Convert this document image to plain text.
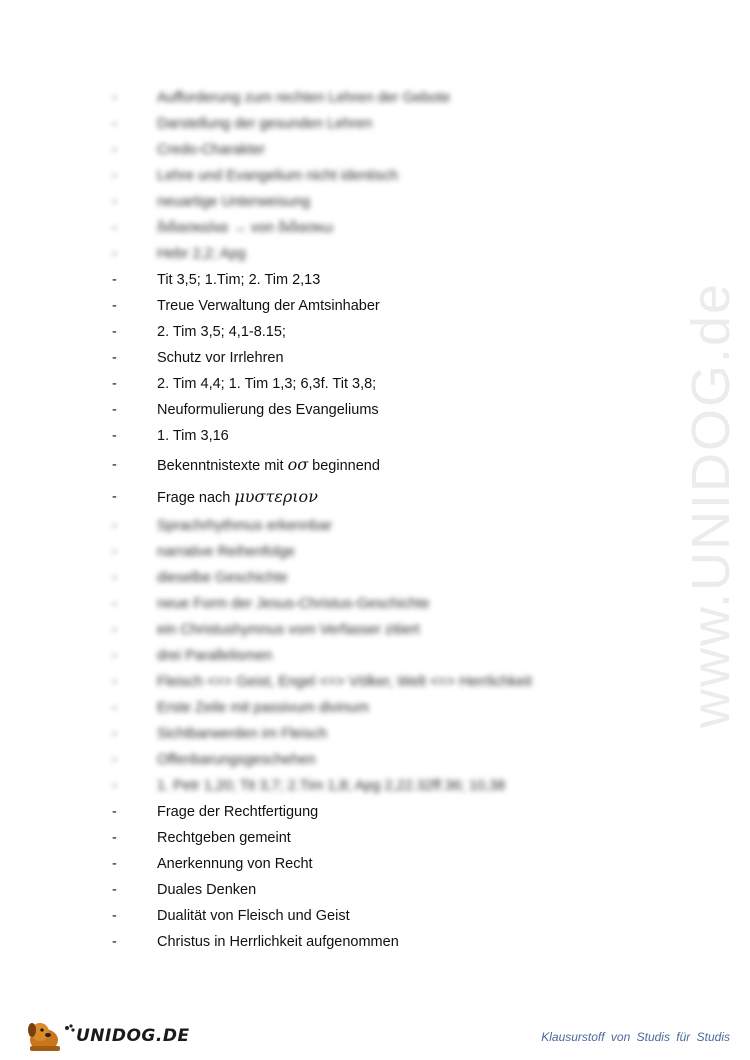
www.UNIDOG.de
-	Aufforderung zum rechten Lehren der Gebote
-	Darstellung der gesunden Lehren
-	Credo-Charakter
-	Lehre und Evangelium nicht identisch
-	neuartige Unterweisung
-	διδασκαλια → von διδασκω
-	Hebr 2,2; Apg
-	Tit 3,5; 1.Tim; 2. Tim 2,13
-	Treue Verwaltung der Amtsinhaber
-	2. Tim 3,5; 4,1-8.15;
-	Schutz vor Irrlehren
-	2. Tim 4,4; 1. Tim 1,3; 6,3f. Tit 3,8;
-	Neuformulierung des Evangeliums
-	1. Tim 3,16
-	Bekenntnistexte mit οσ beginnend
-	Frage nach μυστεριον
-	Sprachrhythmus erkennbar
-	narrative Reihenfolge
-	dieselbe Geschichte
-	neue Form der Jesus-Christus-Geschichte
-	ein Christushymnus vom Verfasser zitiert
-	drei Parallelismen
-	Fleisch <=> Geist, Engel <=> Völker, Welt <=> Herrlichkeit
-	Erste Zeile mit passivum divinum
-	Sichtbarwerden im Fleisch
-	Offenbarungsgeschehen
-	1. Petr 1,20; Tit 3,7; 2.Tim 1,8; Apg 2,22.32ff.36; 10,38
-	Frage der Rechtfertigung
-	Rechtgeben gemeint
-	Anerkennung von Recht
-	Duales Denken
-	Dualität von Fleisch und Geist
-	Christus in Herrlichkeit aufgenommen
UNIDOG.DE	Klausurstoff von Studis für Studis
